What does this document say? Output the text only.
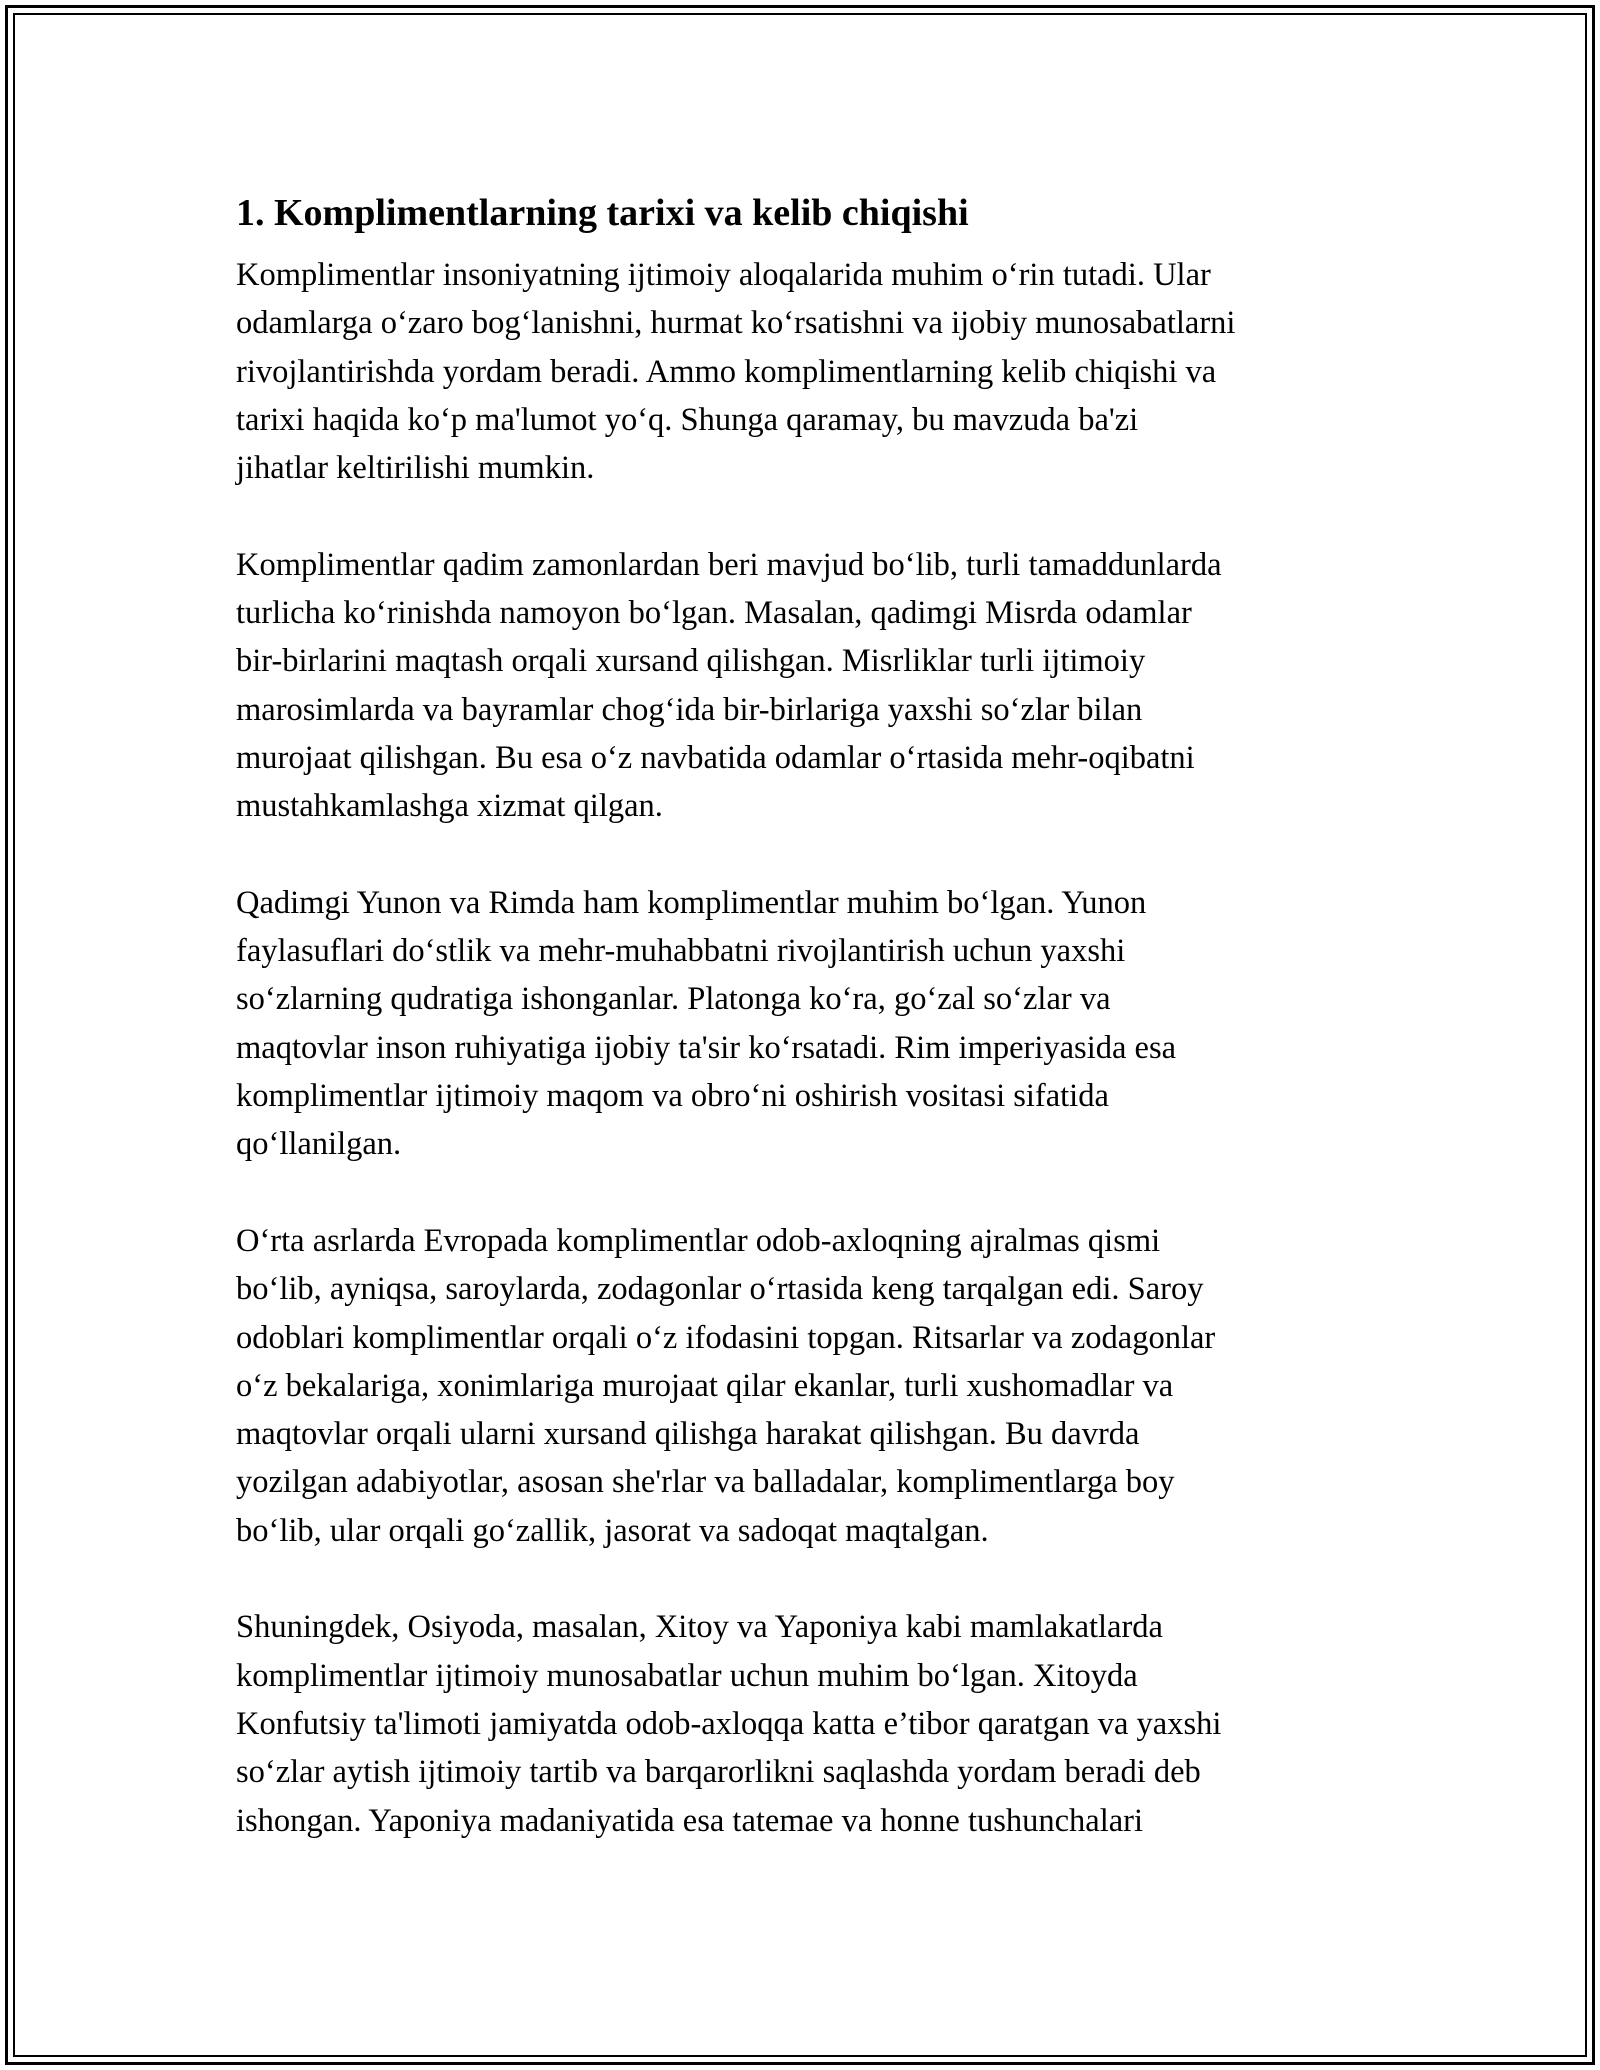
1. Komplimentlarning tarixi va kelib chiqishi

Komplimentlar insoniyatning ijtimoiy aloqalarida muhim o‘rin tutadi. Ular
odamlarga o‘zaro bog‘lanishni, hurmat ko‘rsatishni va ijobiy munosabatlarni
rivojlantirishda yordam beradi. Ammo komplimentlarning kelib chiqishi va
tarixi haqida ko‘p ma'lumot yo‘q. Shunga qaramay, bu mavzuda ba'zi
jihatlar keltirilishi mumkin.

Komplimentlar qadim zamonlardan beri mavjud bo‘lib, turli tamaddunlarda
turlicha ko‘rinishda namoyon bo‘lgan. Masalan, qadimgi Misrda odamlar
bir-birlarini maqtash orqali xursand qilishgan. Misrliklar turli ijtimoiy
marosimlarda va bayramlar chog‘ida bir-birlariga yaxshi so‘zlar bilan
murojaat qilishgan. Bu esa o‘z navbatida odamlar o‘rtasida mehr-oqibatni
mustahkamlashga xizmat qilgan.

Qadimgi Yunon va Rimda ham komplimentlar muhim bo‘lgan. Yunon
faylasuflari do‘stlik va mehr-muhabbatni rivojlantirish uchun yaxshi
so‘zlarning qudratiga ishonganlar. Platonga ko‘ra, go‘zal so‘zlar va
maqtovlar inson ruhiyatiga ijobiy ta'sir ko‘rsatadi. Rim imperiyasida esa
komplimentlar ijtimoiy maqom va obro‘ni oshirish vositasi sifatida
qo‘llanilgan.

O‘rta asrlarda Evropada komplimentlar odob-axloqning ajralmas qismi
bo‘lib, ayniqsa, saroylarda, zodagonlar o‘rtasida keng tarqalgan edi. Saroy
odoblari komplimentlar orqali o‘z ifodasini topgan. Ritsarlar va zodagonlar
o‘z bekalariga, xonimlariga murojaat qilar ekanlar, turli xushomadlar va
maqtovlar orqali ularni xursand qilishga harakat qilishgan. Bu davrda
yozilgan adabiyotlar, asosan she'rlar va balladalar, komplimentlarga boy
bo‘lib, ular orqali go‘zallik, jasorat va sadoqat maqtalgan.

Shuningdek, Osiyoda, masalan, Xitoy va Yaponiya kabi mamlakatlarda
komplimentlar ijtimoiy munosabatlar uchun muhim bo‘lgan. Xitoyda
Konfutsiy ta'limoti jamiyatda odob-axloqqa katta e’tibor qaratgan va yaxshi
so‘zlar aytish ijtimoiy tartib va barqarorlikni saqlashda yordam beradi deb
ishongan. Yaponiya madaniyatida esa tatemae va honne tushunchalari
